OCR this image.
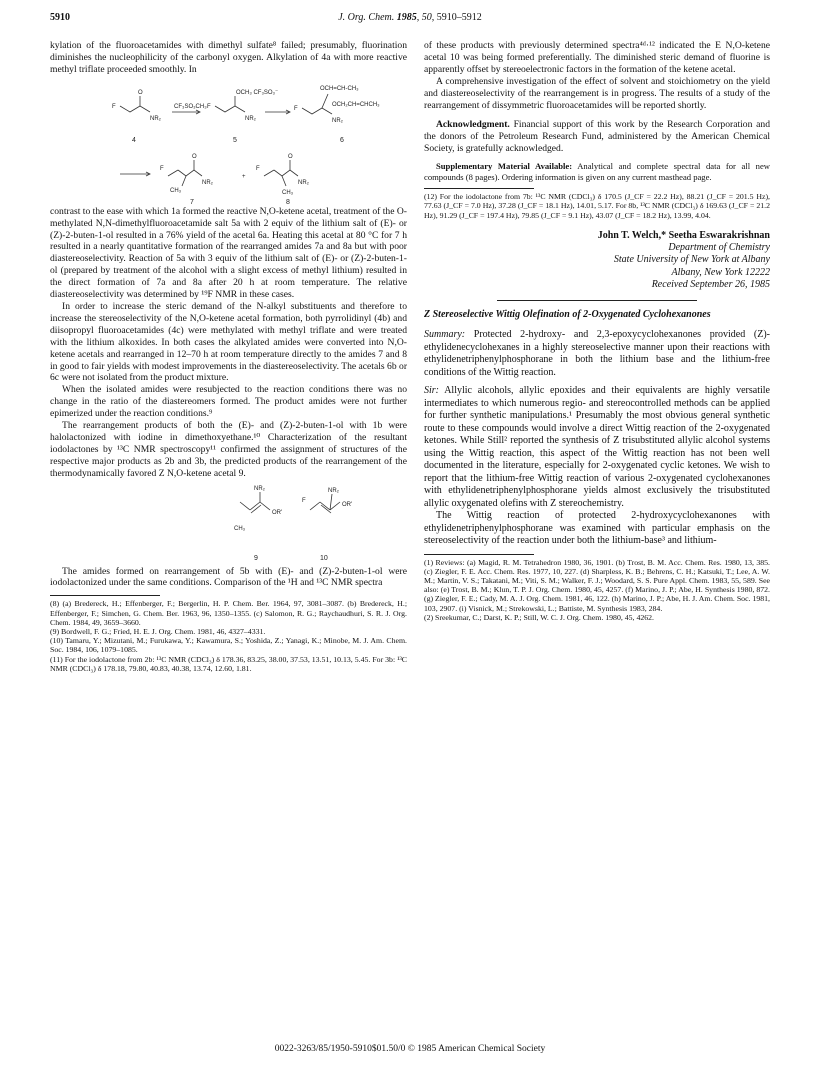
5910	J. Org. Chem. 1985, 50, 5910–5912

kylation of the fluoroacetamides with dimethyl sulfate⁸ failed; presumably, fluorination diminishes the nucleophilicity of the carbonyl oxygen. Alkylation of 4a with more reactive methyl triflate proceeded smoothly. In

F
O
NR₂
F
OCH₃ CF₃SO₃⁻
NR₂
F
OCH=CH-CH₃
OCH₂CH=CHCH₃
NR₂
CF₃SO₃CH₃
4	5	6
F
O
NR₂
CH₃
+
F
O
NR₂
CH₃
7	8

contrast to the ease with which 1a formed the reactive N,O-ketene acetal, treatment of the O-methylated N,N-dimethylfluoroacetamide salt 5a with 2 equiv of the lithium salt of (E)- or (Z)-2-buten-1-ol resulted in a 76% yield of the acetal 6a. Heating this acetal at 80 °C for 7 h resulted in a nearly quantitative formation of the rearranged amides 7a and 8a but with poor diastereoselectivity. Reaction of 5a with 3 equiv of the lithium salt of (E)- or (Z)-2-buten-1-ol (prepared by treatment of the alcohol with a slight excess of methyl lithium) resulted in the direct formation of 7a and 8a after 20 h at room temperature. The relative diastereoselectivity was determined by ¹⁹F NMR in these cases.

In order to increase the steric demand of the N-alkyl substituents and therefore to increase the stereoselectivity of the N,O-ketene acetal formation, both pyrrolidinyl (4b) and diisopropyl fluoroacetamides (4c) were methylated with methyl triflate and were treated with the lithium alkoxides. In both cases the alkylated amides were converted into N,O-ketene acetals and rearranged in 12–70 h at room temperature directly to the amides 7 and 8 in good to fair yields with modest improvements in the diastereoselectivity. The acetals 6b or 6c were not isolated from the product mixture.

When the isolated amides were resubjected to the reaction conditions there was no change in the ratio of the diastereomers formed. The product amides were not further epimerized under the reaction conditions.⁹

The rearrangement products of both the (E)- and (Z)-2-buten-1-ol with 1b were halolactonized with iodine in dimethoxyethane.¹⁰ Characterization of the resultant iodolactones by ¹³C NMR spectroscopy¹¹ confirmed the assignment of structures of the respective major products as 2b and 3b, the predicted products of the rearrangement of the thermodynamically favored Z N,O-ketene acetal 9.

NR₂
OR'
CH₃
F
NR₂
OR'
9	10

The amides formed on rearrangement of 5b with (E)- and (Z)-2-buten-1-ol were iodolactonized under the same conditions. Comparison of the ¹H and ¹³C NMR spectra

(8) (a) Bredereck, H.; Effenberger, F.; Bergerlin, H. P. Chem. Ber. 1964, 97, 3081–3087. (b) Bredereck, H.; Effenberger, F.; Simchen, G. Chem. Ber. 1963, 96, 1350–1355. (c) Salomon, R. G.; Raychaudhuri, S. R. J. Org. Chem. 1984, 49, 3659–3660.

(9) Bordwell, F. G.; Fried, H. E. J. Org. Chem. 1981, 46, 4327–4331.

(10) Tamaru, Y.; Mizutani, M.; Furukawa, Y.; Kawamura, S.; Yoshida, Z.; Yanagi, K.; Minobe, M. J. Am. Chem. Soc. 1984, 106, 1079–1085.

(11) For the iodolactone from 2b: ¹³C NMR (CDCl₃) δ 178.36, 83.25, 38.00, 37.53, 13.51, 10.13, 5.45. For 3b: ¹³C NMR (CDCl₃) δ 178.18, 79.80, 40.83, 40.38, 13.74, 12.60, 1.81.

of these products with previously determined spectra⁴ᵈ·¹² indicated the E N,O-ketene acetal 10 was being formed preferentially. The diminished steric demand of fluorine is apparently offset by stereoelectronic factors in the formation of the ketene acetal.

A comprehensive investigation of the effect of solvent and stoichiometry on the yield and diastereoselectivity of the rearrangement is in progress. The results of a study of the rearrangement of dissymmetric fluoroacetamides will be reported shortly.

Acknowledgment. Financial support of this work by the Research Corporation and the donors of the Petroleum Research Fund, administered by the American Chemical Society, is gratefully acknowledged.

Supplementary Material Available: Analytical and complete spectral data for all new compounds (8 pages). Ordering information is given on any current masthead page.

(12) For the iodolactone from 7b: ¹³C NMR (CDCl₃) δ 170.5 (J_CF = 22.2 Hz), 88.21 (J_CF = 201.5 Hz), 77.63 (J_CF = 7.0 Hz), 37.28 (J_CF = 18.1 Hz), 14.01, 5.17. For 8b, ¹³C NMR (CDCl₃) δ 169.63 (J_CF = 21.2 Hz), 91.29 (J_CF = 197.4 Hz), 79.85 (J_CF = 9.1 Hz), 43.07 (J_CF = 18.2 Hz), 13.99, 4.04.

John T. Welch,* Seetha Eswarakrishnan

Department of Chemistry

State University of New York at Albany

Albany, New York 12222

Received September 26, 1985

Z Stereoselective Wittig Olefination of 2-Oxygenated Cyclohexanones

Summary: Protected 2-hydroxy- and 2,3-epoxycyclohexanones provided (Z)-ethylidenecyclohexanes in a highly stereoselective manner upon their reactions with ethylidenetriphenylphosphorane in both the lithium base and the lithium-free conditions of the Wittig reaction.

Sir: Allylic alcohols, allylic epoxides and their equivalents are highly versatile intermediates to which numerous regio- and stereocontrolled methods can be applied for further synthetic manipulations.¹ Presumably the most obvious general synthetic route to these compounds would involve a direct Wittig reaction of the 2-oxygenated ketones. While Still² reported the synthesis of Z trisubstituted allylic alcohol systems using the Wittig reaction, this aspect of the Wittig reaction has not been well documented in the literature, especially for 2-oxygenated cyclic ketones. We wish to report that the lithium-free Wittig reaction of various 2-oxygenated cyclohexanones with ethylidenetriphenylphosphorane yields almost exclusively the trisubstituted allylic oxygenated olefins with Z stereochemistry.

The Wittig reaction of protected 2-hydroxycyclohexanones with ethylidenetriphenylphosphorane was examined with particular emphasis on the stereoselectivity of the reaction under both the lithium-base³ and lithium-

(1) Reviews: (a) Magid, R. M. Tetrahedron 1980, 36, 1901. (b) Trost, B. M. Acc. Chem. Res. 1980, 13, 385. (c) Ziegler, F. E. Acc. Chem. Res. 1977, 10, 227. (d) Sharpless, K. B.; Behrens, C. H.; Katsuki, T.; Lee, A. W. M.; Martin, V. S.; Takatani, M.; Viti, S. M.; Walker, F. J.; Woodard, S. S. Pure Appl. Chem. 1983, 55, 589. See also: (e) Trost, B. M.; Klun, T. P. J. Org. Chem. 1980, 45, 4257. (f) Marino, J. P.; Abe, H. Synthesis 1980, 872. (g) Ziegler, F. E.; Cady, M. A. J. Org. Chem. 1981, 46, 122. (h) Marino, J. P.; Abe, H. J. Am. Chem. Soc. 1981, 103, 2907. (i) Visnick, M.; Strekowski, L.; Battiste, M. Synthesis 1983, 284.

(2) Sreekumar, C.; Darst, K. P.; Still, W. C. J. Org. Chem. 1980, 45, 4262.

0022-3263/85/1950-5910$01.50/0 © 1985 American Chemical Society
